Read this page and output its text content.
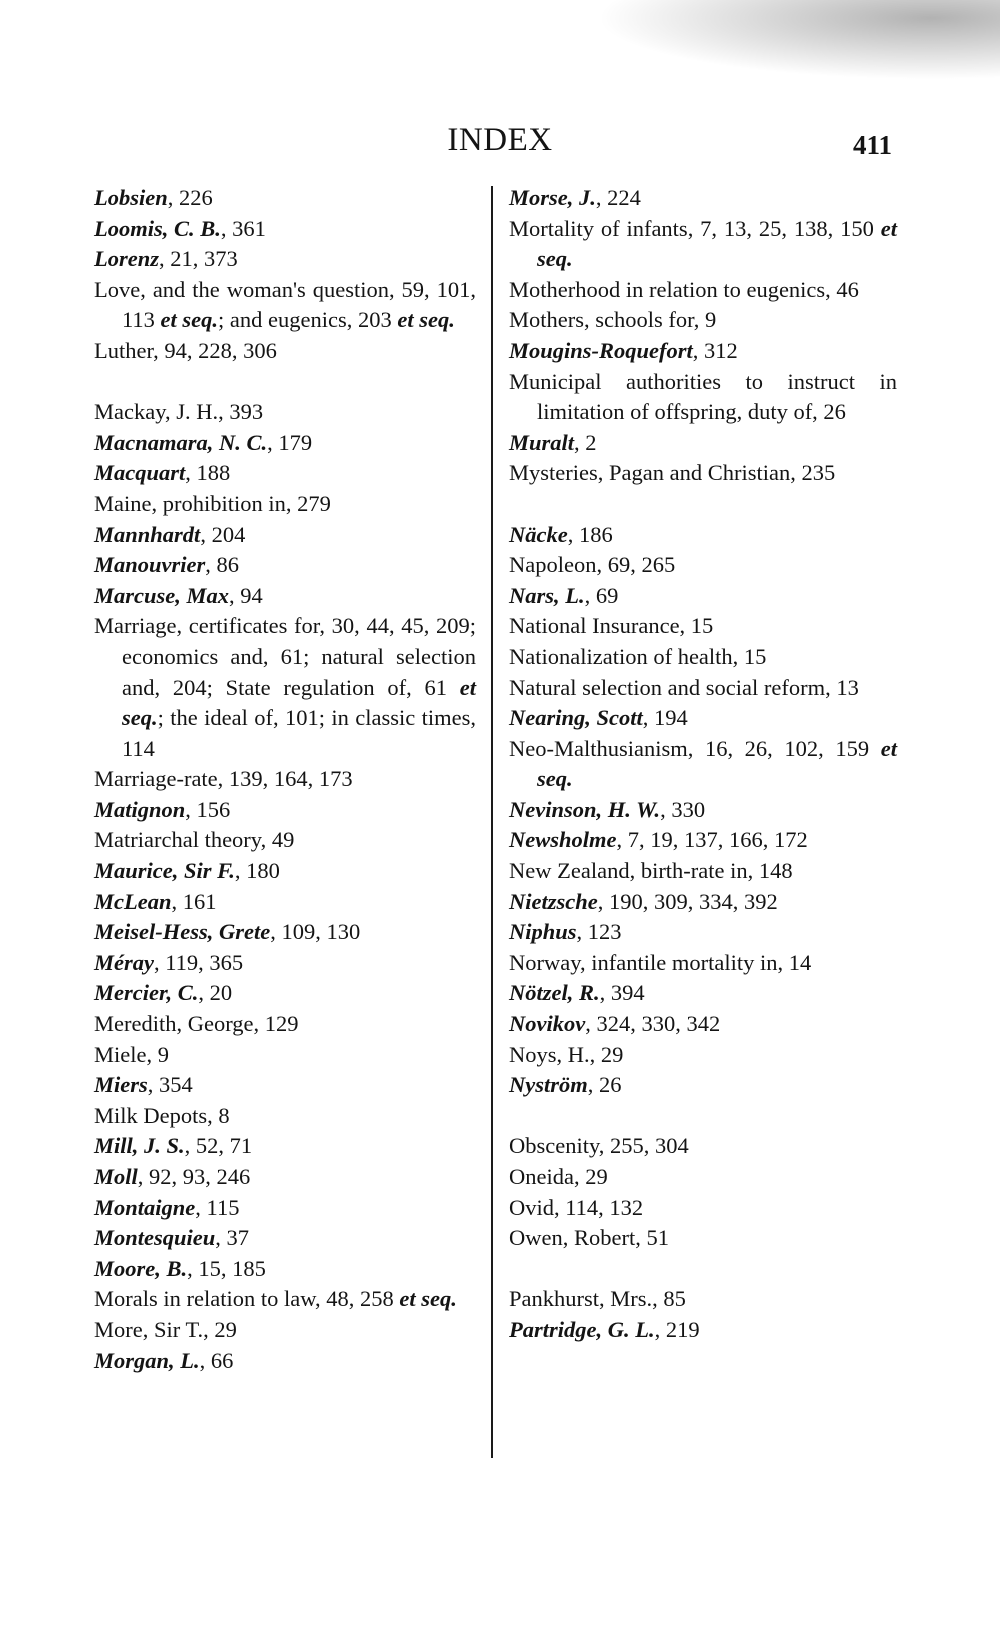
INDEX	411
Lobsien, 226
Loomis, C. B., 361
Lorenz, 21, 373
Love, and the woman's question, 59, 101, 113 et seq.; and eugenics, 203 et seq.
Luther, 94, 228, 306
Mackay, J. H., 393
Macnamara, N. C., 179
Macquart, 188
Maine, prohibition in, 279
Mannhardt, 204
Manouvrier, 86
Marcuse, Max, 94
Marriage, certificates for, 30, 44, 45, 209; economics and, 61; natural selection and, 204; State regulation of, 61 et seq.; the ideal of, 101; in classic times, 114
Marriage-rate, 139, 164, 173
Matignon, 156
Matriarchal theory, 49
Maurice, Sir F., 180
McLean, 161
Meisel-Hess, Grete, 109, 130
Méray, 119, 365
Mercier, C., 20
Meredith, George, 129
Miele, 9
Miers, 354
Milk Depots, 8
Mill, J. S., 52, 71
Moll, 92, 93, 246
Montaigne, 115
Montesquieu, 37
Moore, B., 15, 185
Morals in relation to law, 48, 258 et seq.
More, Sir T., 29
Morgan, L., 66
Morse, J., 224
Mortality of infants, 7, 13, 25, 138, 150 et seq.
Motherhood in relation to eugenics, 46
Mothers, schools for, 9
Mougins-Roquefort, 312
Municipal authorities to instruct in limitation of offspring, duty of, 26
Muralt, 2
Mysteries, Pagan and Christian, 235
Näcke, 186
Napoleon, 69, 265
Nars, L., 69
National Insurance, 15
Nationalization of health, 15
Natural selection and social reform, 13
Nearing, Scott, 194
Neo-Malthusianism, 16, 26, 102, 159 et seq.
Nevinson, H. W., 330
Newsholme, 7, 19, 137, 166, 172
New Zealand, birth-rate in, 148
Nietzsche, 190, 309, 334, 392
Niphus, 123
Norway, infantile mortality in, 14
Nötzel, R., 394
Novikov, 324, 330, 342
Noys, H., 29
Nyström, 26
Obscenity, 255, 304
Oneida, 29
Ovid, 114, 132
Owen, Robert, 51
Pankhurst, Mrs., 85
Partridge, G. L., 219
